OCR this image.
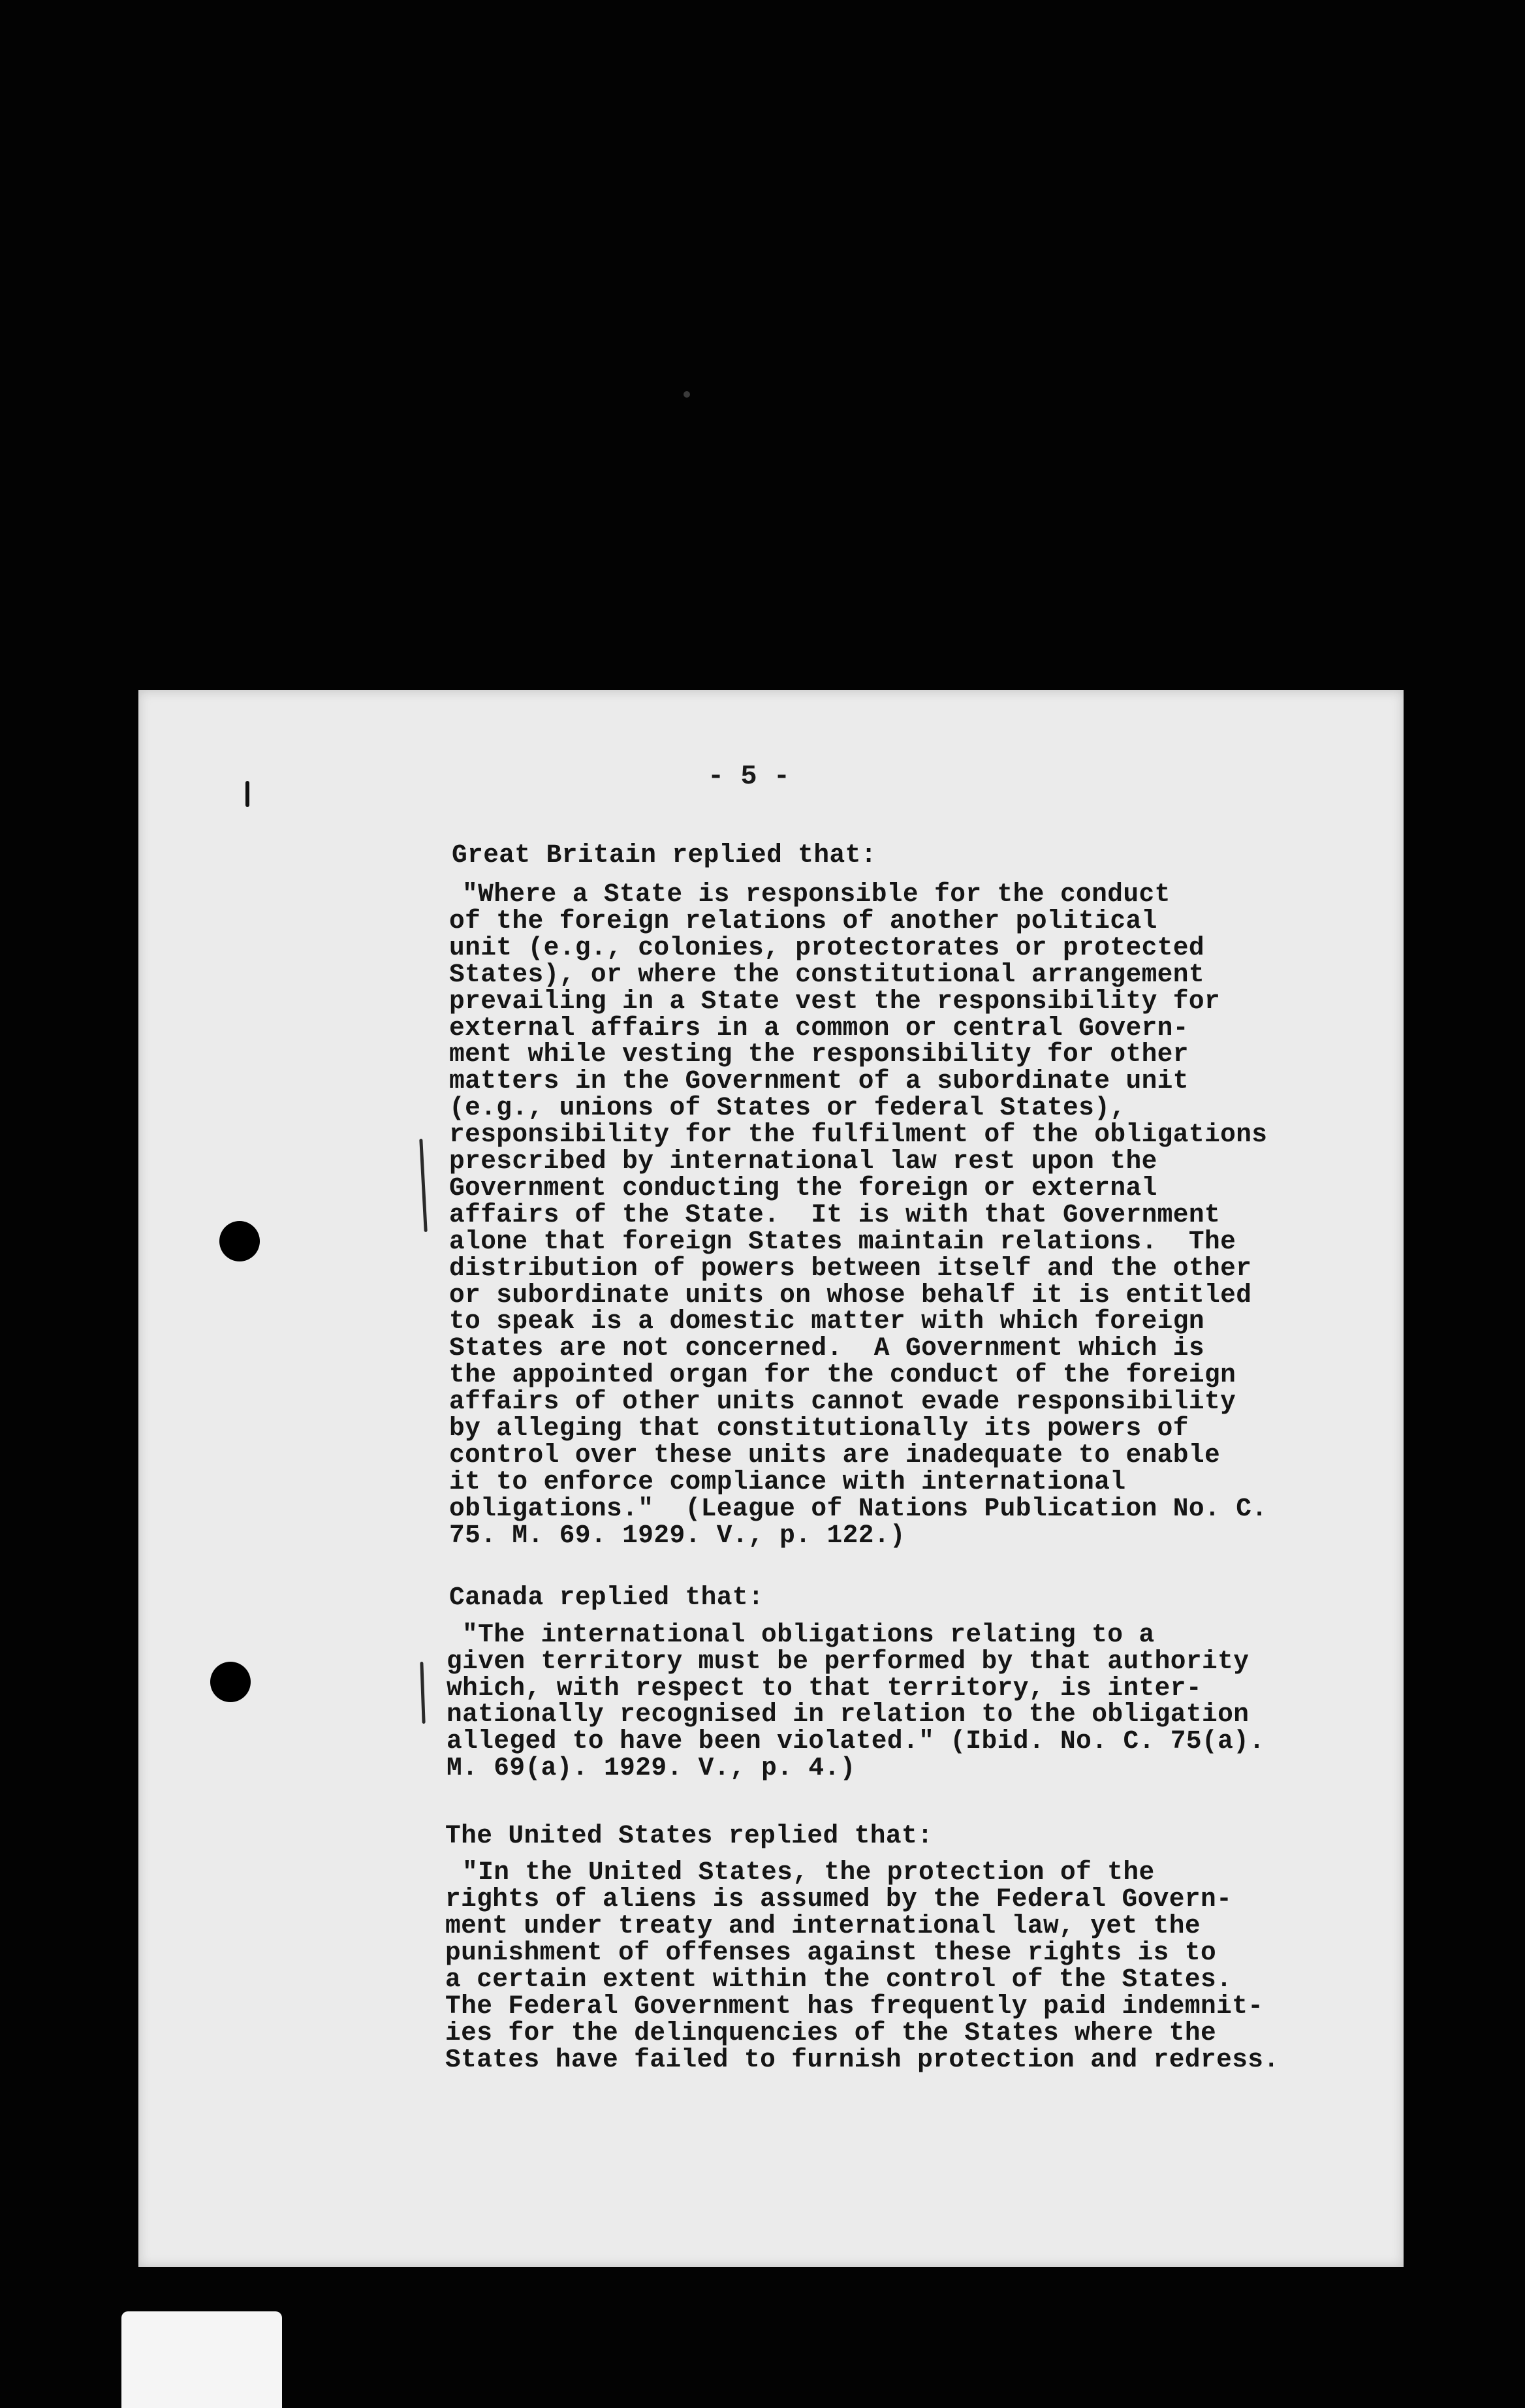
- 5 -
Great Britain replied that:
"Where a State is responsible for the conduct
of the foreign relations of another political
unit (e.g., colonies, protectorates or protected
States), or where the constitutional arrangement
prevailing in a State vest the responsibility for
external affairs in a common or central Govern-
ment while vesting the responsibility for other
matters in the Government of a subordinate unit
(e.g., unions of States or federal States),
responsibility for the fulfilment of the obligations
prescribed by international law rest upon the
Government conducting the foreign or external
affairs of the State.  It is with that Government
alone that foreign States maintain relations.  The
distribution of powers between itself and the other
or subordinate units on whose behalf it is entitled
to speak is a domestic matter with which foreign
States are not concerned.  A Government which is
the appointed organ for the conduct of the foreign
affairs of other units cannot evade responsibility
by alleging that constitutionally its powers of
control over these units are inadequate to enable
it to enforce compliance with international
obligations."  (League of Nations Publication No. C.
75. M. 69. 1929. V., p. 122.)
Canada replied that:
"The international obligations relating to a
given territory must be performed by that authority
which, with respect to that territory, is inter-
nationally recognised in relation to the obligation
alleged to have been violated." (Ibid. No. C. 75(a).
M. 69(a). 1929. V., p. 4.)
The United States replied that:
"In the United States, the protection of the
rights of aliens is assumed by the Federal Govern-
ment under treaty and international law, yet the
punishment of offenses against these rights is to
a certain extent within the control of the States.
The Federal Government has frequently paid indemnit-
ies for the delinquencies of the States where the
States have failed to furnish protection and redress.
